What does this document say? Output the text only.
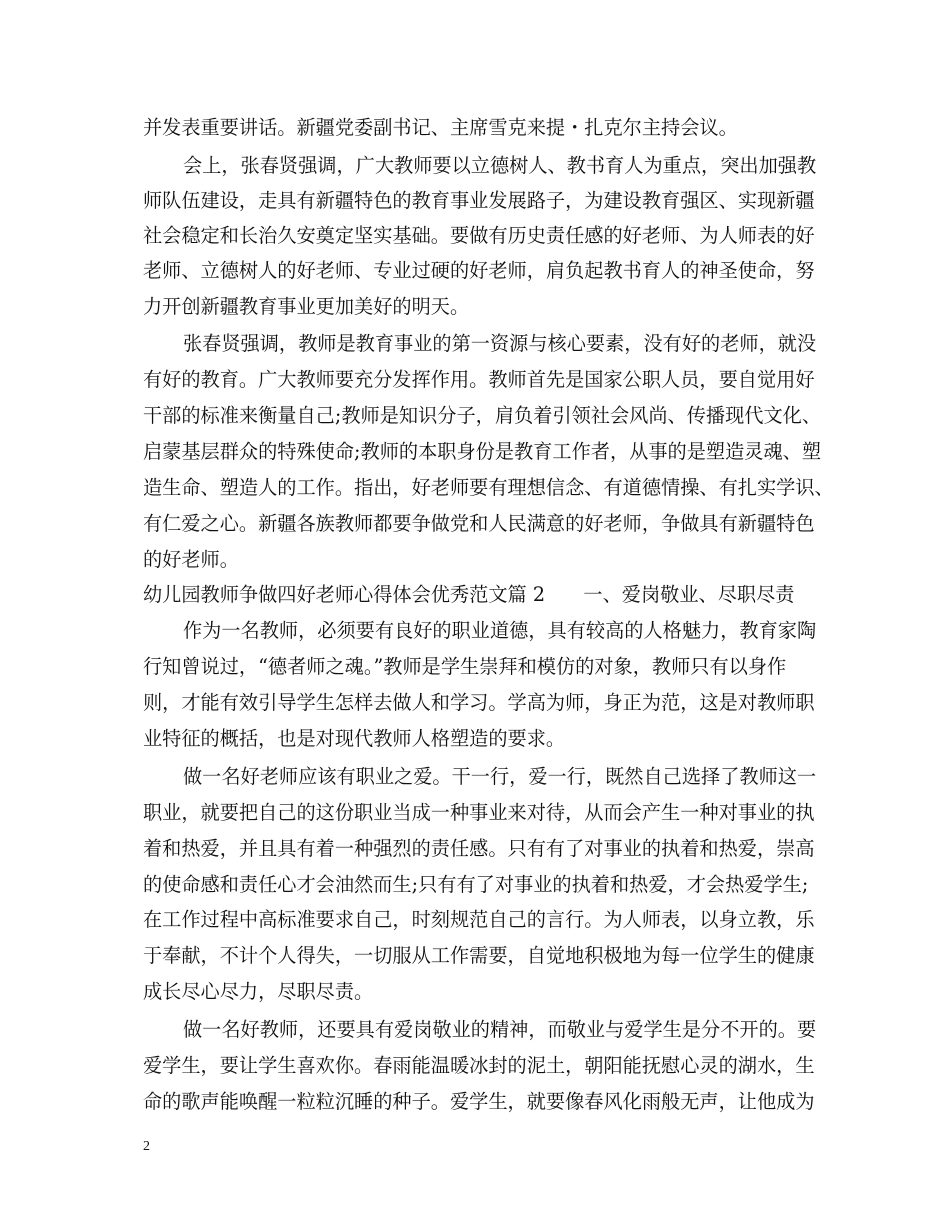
并发表重要讲话。新疆党委副书记、主席雪克来提・扎克尔主持会议。
会上，张春贤强调，广大教师要以立德树人、教书育人为重点，突出加强教
师队伍建设，走具有新疆特色的教育事业发展路子，为建设教育强区、实现新疆
社会稳定和长治久安奠定坚实基础。要做有历史责任感的好老师、为人师表的好
老师、立德树人的好老师、专业过硬的好老师，肩负起教书育人的神圣使命，努
力开创新疆教育事业更加美好的明天。
张春贤强调，教师是教育事业的第一资源与核心要素，没有好的老师，就没
有好的教育。广大教师要充分发挥作用。教师首先是国家公职人员，要自觉用好
干部的标准来衡量自己;教师是知识分子，肩负着引领社会风尚、传播现代文化、
启蒙基层群众的特殊使命;教师的本职身份是教育工作者，从事的是塑造灵魂、塑
造生命、塑造人的工作。指出，好老师要有理想信念、有道德情操、有扎实学识、
有仁爱之心。新疆各族教师都要争做党和人民满意的好老师，争做具有新疆特色
的好老师。
幼儿园教师争做四好老师心得体会优秀范文篇 2　　一、爱岗敬业、尽职尽责
作为一名教师，必须要有良好的职业道德，具有较高的人格魅力，教育家陶
行知曾说过，“德者师之魂。”教师是学生崇拜和模仿的对象，教师只有以身作
则，才能有效引导学生怎样去做人和学习。学高为师，身正为范，这是对教师职
业特征的概括，也是对现代教师人格塑造的要求。
做一名好老师应该有职业之爱。干一行，爱一行，既然自己选择了教师这一
职业，就要把自己的这份职业当成一种事业来对待，从而会产生一种对事业的执
着和热爱，并且具有着一种强烈的责任感。只有有了对事业的执着和热爱，崇高
的使命感和责任心才会油然而生;只有有了对事业的执着和热爱，才会热爱学生;
在工作过程中高标准要求自己，时刻规范自己的言行。为人师表，以身立教，乐
于奉献，不计个人得失，一切服从工作需要，自觉地积极地为每一位学生的健康
成长尽心尽力，尽职尽责。
做一名好教师，还要具有爱岗敬业的精神，而敬业与爱学生是分不开的。要
爱学生，要让学生喜欢你。春雨能温暖冰封的泥土，朝阳能抚慰心灵的湖水，生
命的歌声能唤醒一粒粒沉睡的种子。爱学生，就要像春风化雨般无声，让他成为
2
